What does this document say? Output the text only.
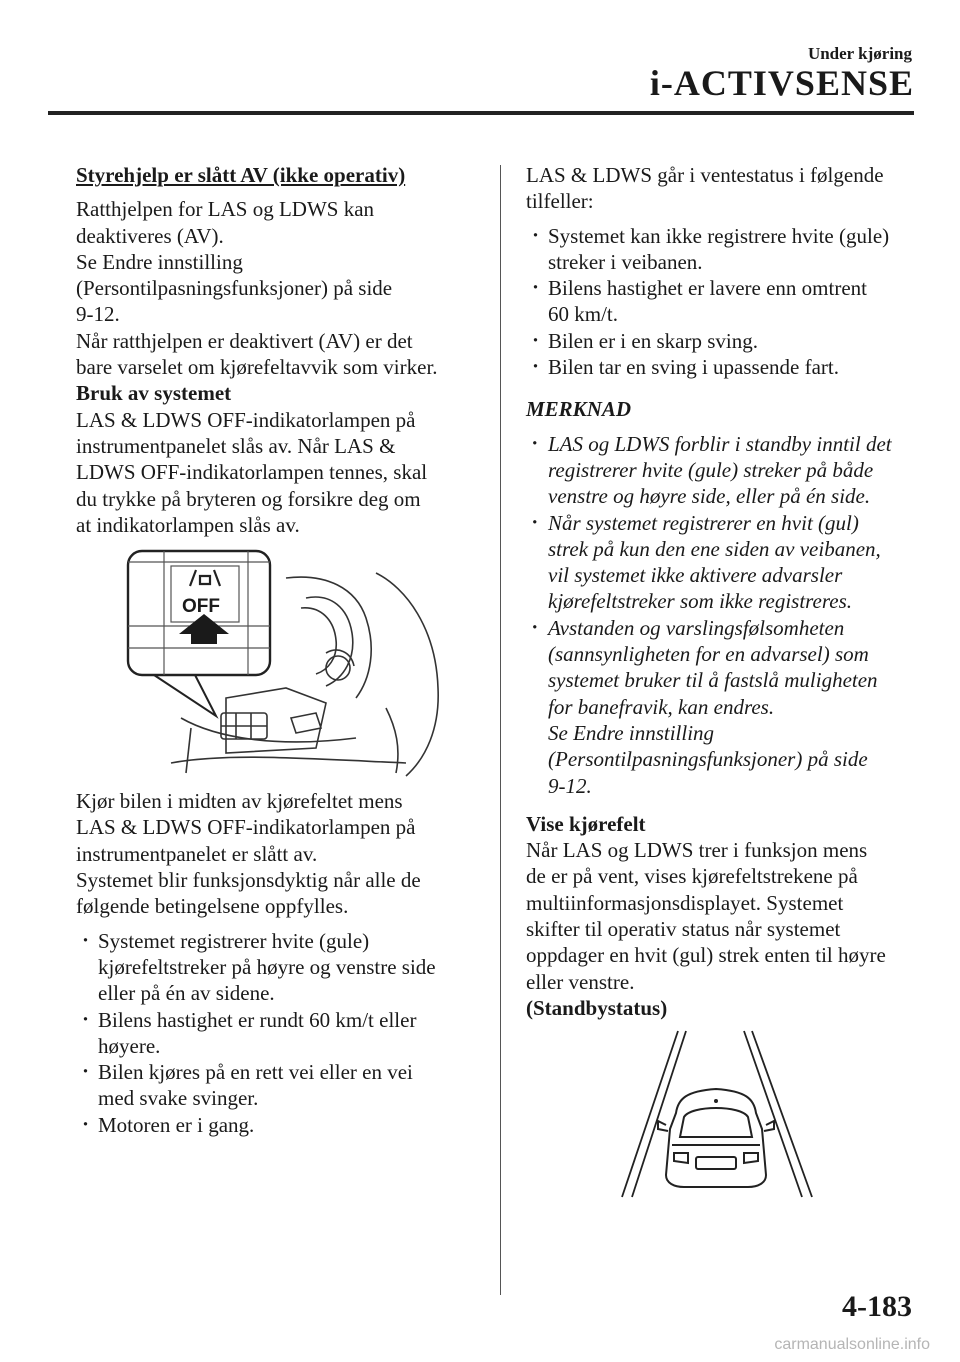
Under kjøring
i-ACTIVSENSE

Styrehjelp er slått AV (ikke operativ)

Ratthjelpen for LAS og LDWS kan
deaktiveres (AV).
Se Endre innstilling
(Persontilpasningsfunksjoner) på side
9-12.
Når ratthjelpen er deaktivert (AV) er det
bare varselet om kjørefeltavvik som virker.

Bruk av systemet

LAS & LDWS OFF-indikatorlampen på
instrumentpanelet slås av. Når LAS &
LDWS OFF-indikatorlampen tennes, skal
du trykke på bryteren og forsikre deg om
at indikatorlampen slås av.

OFF

Kjør bilen i midten av kjørefeltet mens
LAS & LDWS OFF-indikatorlampen på
instrumentpanelet er slått av.
Systemet blir funksjonsdyktig når alle de
følgende betingelsene oppfylles.

· Systemet registrerer hvite (gule)
kjørefeltstreker på høyre og venstre side
eller på én av sidene.
· Bilens hastighet er rundt 60 km/t eller
høyere.
· Bilen kjøres på en rett vei eller en vei
med svake svinger.
· Motoren er i gang.

LAS & LDWS går i ventestatus i følgende
tilfeller:

· Systemet kan ikke registrere hvite (gule)
streker i veibanen.
· Bilens hastighet er lavere enn omtrent
60 km/t.
· Bilen er i en skarp sving.
· Bilen tar en sving i upassende fart.

MERKNAD

· LAS og LDWS forblir i standby inntil det
registrerer hvite (gule) streker på både
venstre og høyre side, eller på én side.
· Når systemet registrerer en hvit (gul)
strek på kun den ene siden av veibanen,
vil systemet ikke aktivere advarsler
kjørefeltstreker som ikke registreres.
· Avstanden og varslingsfølsomheten
(sannsynligheten for en advarsel) som
systemet bruker til å fastslå muligheten
for banefravik, kan endres.
Se Endre innstilling
(Persontilpasningsfunksjoner) på side
9-12.

Vise kjørefelt

Når LAS og LDWS trer i funksjon mens
de er på vent, vises kjørefeltstrekene på
multiinformasjonsdisplayet. Systemet
skifter til operativ status når systemet
oppdager en hvit (gul) strek enten til høyre
eller venstre.

(Standbystatus)

4-183
carmanualsonline.info
